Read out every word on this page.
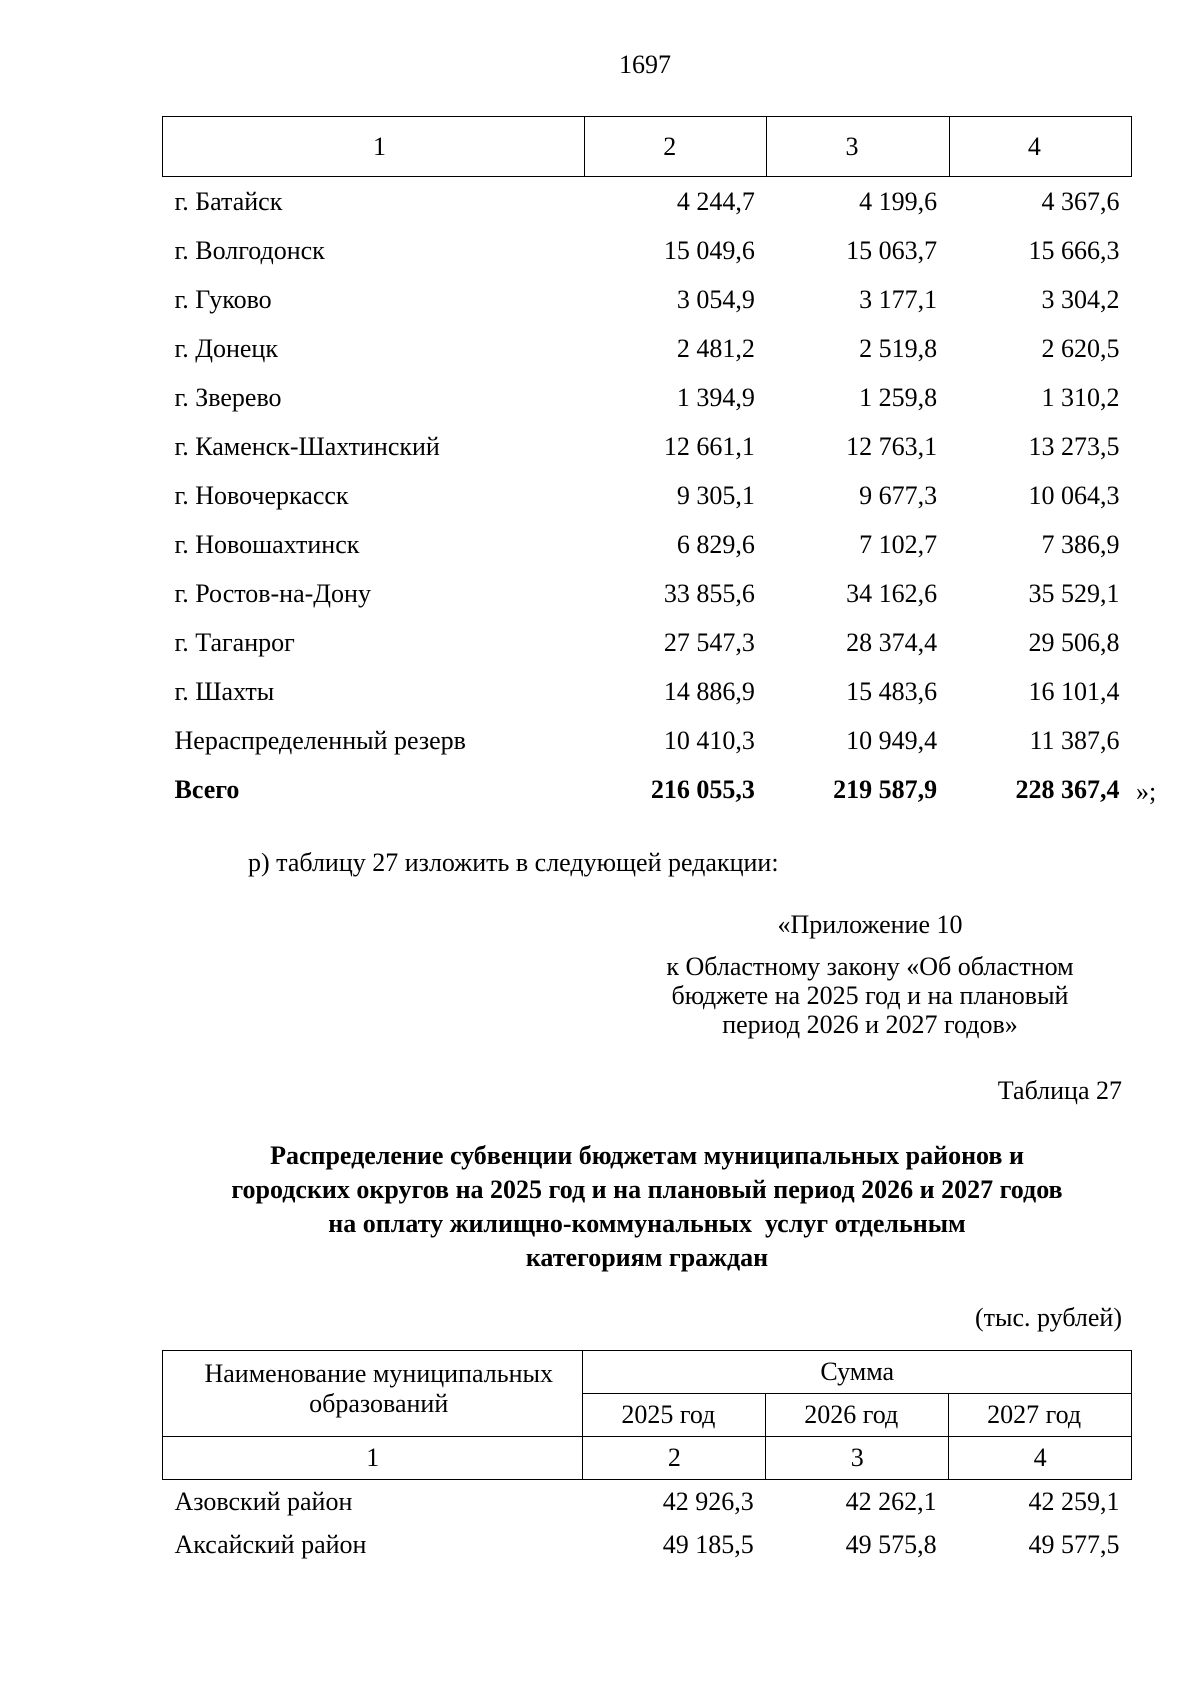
1697
1	2	3	4
г. Батайск	4 244,7	4 199,6	4 367,6
г. Волгодонск	15 049,6	15 063,7	15 666,3
г. Гуково	3 054,9	3 177,1	3 304,2
г. Донецк	2 481,2	2 519,8	2 620,5
г. Зверево	1 394,9	1 259,8	1 310,2
г. Каменск-Шахтинский	12 661,1	12 763,1	13 273,5
г. Новочеркасск	9 305,1	9 677,3	10 064,3
г. Новошахтинск	6 829,6	7 102,7	7 386,9
г. Ростов-на-Дону	33 855,6	34 162,6	35 529,1
г. Таганрог	27 547,3	28 374,4	29 506,8
г. Шахты	14 886,9	15 483,6	16 101,4
Нераспределенный резерв	10 410,3	10 949,4	11 387,6
Всего	216 055,3	219 587,9	228 367,4 »;
р) таблицу 27 изложить в следующей редакции:
«Приложение 10
к Областному закону «Об областном
бюджете на 2025 год и на плановый
период 2026 и 2027 годов»
Таблица 27
Распределение субвенции бюджетам муниципальных районов и
городских округов на 2025 год и на плановый период 2026 и 2027 годов
на оплату жилищно-коммунальных  услуг отдельным
категориям граждан
(тыс. рублей)
Наименование муниципальных
образований	Сумма		
	2025 год	2026 год	2027 год
1	2	3	4
Азовский район	42 926,3	42 262,1	42 259,1
Аксайский район	49 185,5	49 575,8	49 577,5
